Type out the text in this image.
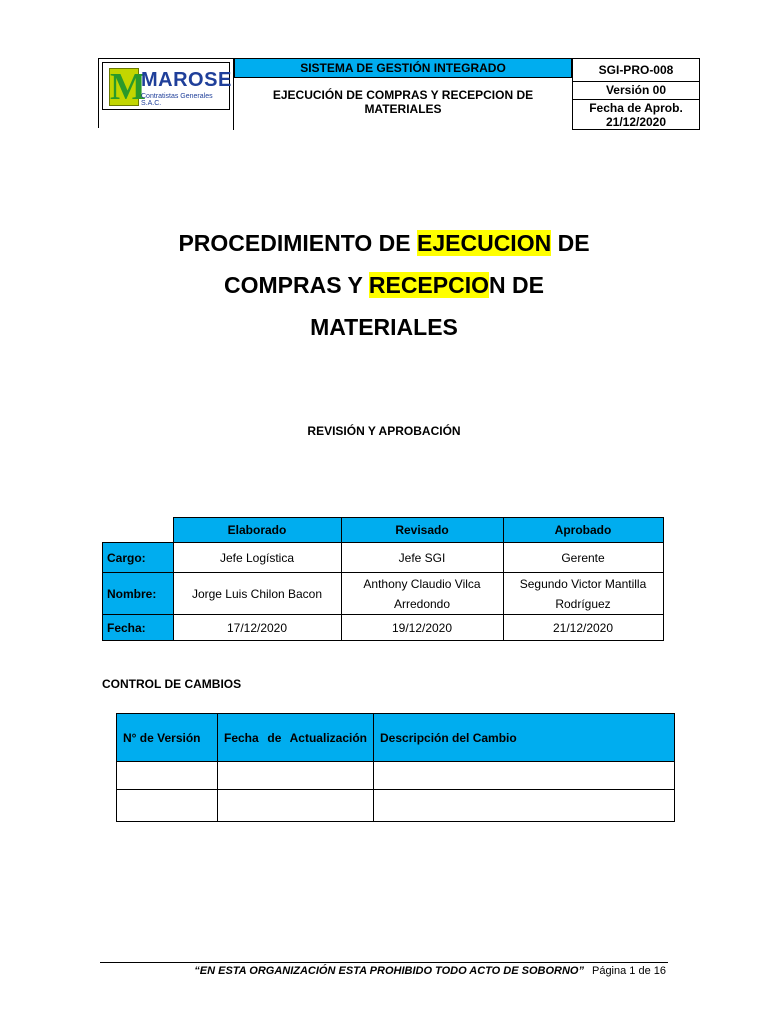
M
MAROSE
Contratistas Generales S.A.C.
SISTEMA DE GESTIÓN INTEGRADO
EJECUCIÓN DE COMPRAS Y RECEPCION DE MATERIALES
SGI-PRO-008
Versión 00
Fecha de Aprob.
21/12/2020
PROCEDIMIENTO DE EJECUCION DE
COMPRAS Y RECEPCION DE
MATERIALES
REVISIÓN Y APROBACIÓN
	Elaborado	Revisado	Aprobado
Cargo:	Jefe Logística	Jefe SGI	Gerente
Nombre:	Jorge Luis Chilon Bacon	Anthony Claudio Vilca Arredondo	Segundo Victor Mantilla Rodríguez
Fecha:	17/12/2020	19/12/2020	21/12/2020
CONTROL DE CAMBIOS
N° de Versión	Fecha de Actualización	Descripción del Cambio

“EN ESTA ORGANIZACIÓN ESTA PROHIBIDO TODO ACTO DE SOBORNO” Página 1 de 16
